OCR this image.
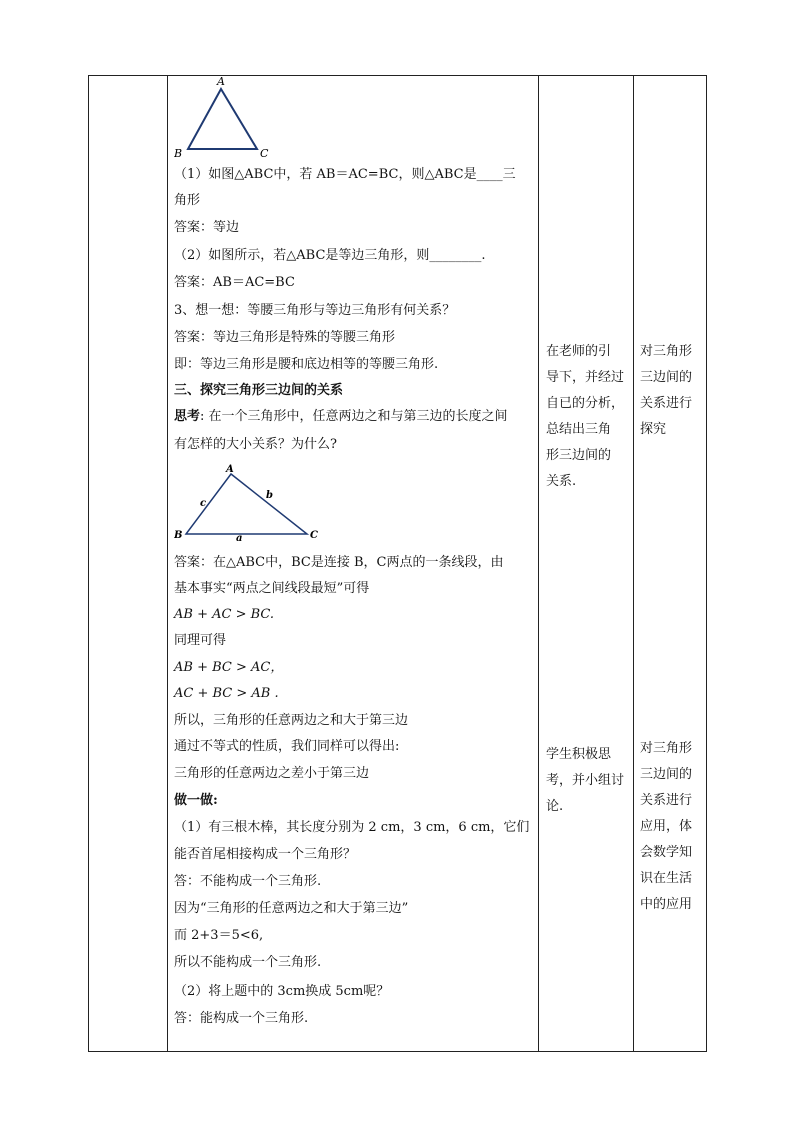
A
B	C
（1）如图△ABC中，若 AB＝AC=BC，则△ABC是____三
角形
答案：等边
（2）如图所示，若△ABC是等边三角形，则________.
答案：AB＝AC=BC
3、想一想：等腰三角形与等边三角形有何关系？
答案：等边三角形是特殊的等腰三角形
即：等边三角形是腰和底边相等的等腰三角形.
三、探究三角形三边间的关系
思考: 在一个三角形中，任意两边之和与第三边的长度之间
有怎样的大小关系？为什么?
A
B	C
c
b
a
答案：在△ABC中，BC是连接 B，C两点的一条线段，由
基本事实“两点之间线段最短”可得
AB + AC > BC.
同理可得
AB + BC > AC，
AC + BC > AB .
所以，三角形的任意两边之和大于第三边
通过不等式的性质，我们同样可以得出:
三角形的任意两边之差小于第三边
做一做:
（1）有三根木棒，其长度分别为 2 cm，3 cm，6 cm，它们
能否首尾相接构成一个三角形？
答：不能构成一个三角形.
因为“三角形的任意两边之和大于第三边”
而 2+3＝5<6,
所以不能构成一个三角形.
（2）将上题中的 3cm换成 5cm呢？
答：能构成一个三角形.
在老师的引
导下，并经过
自已的分析，
总结出三角
形三边间的
关系.
学生积极思
考，并小组讨
论.
对三角形
三边间的
关系进行
探究
对三角形
三边间的
关系进行
应用，体
会数学知
识在生活
中的应用
